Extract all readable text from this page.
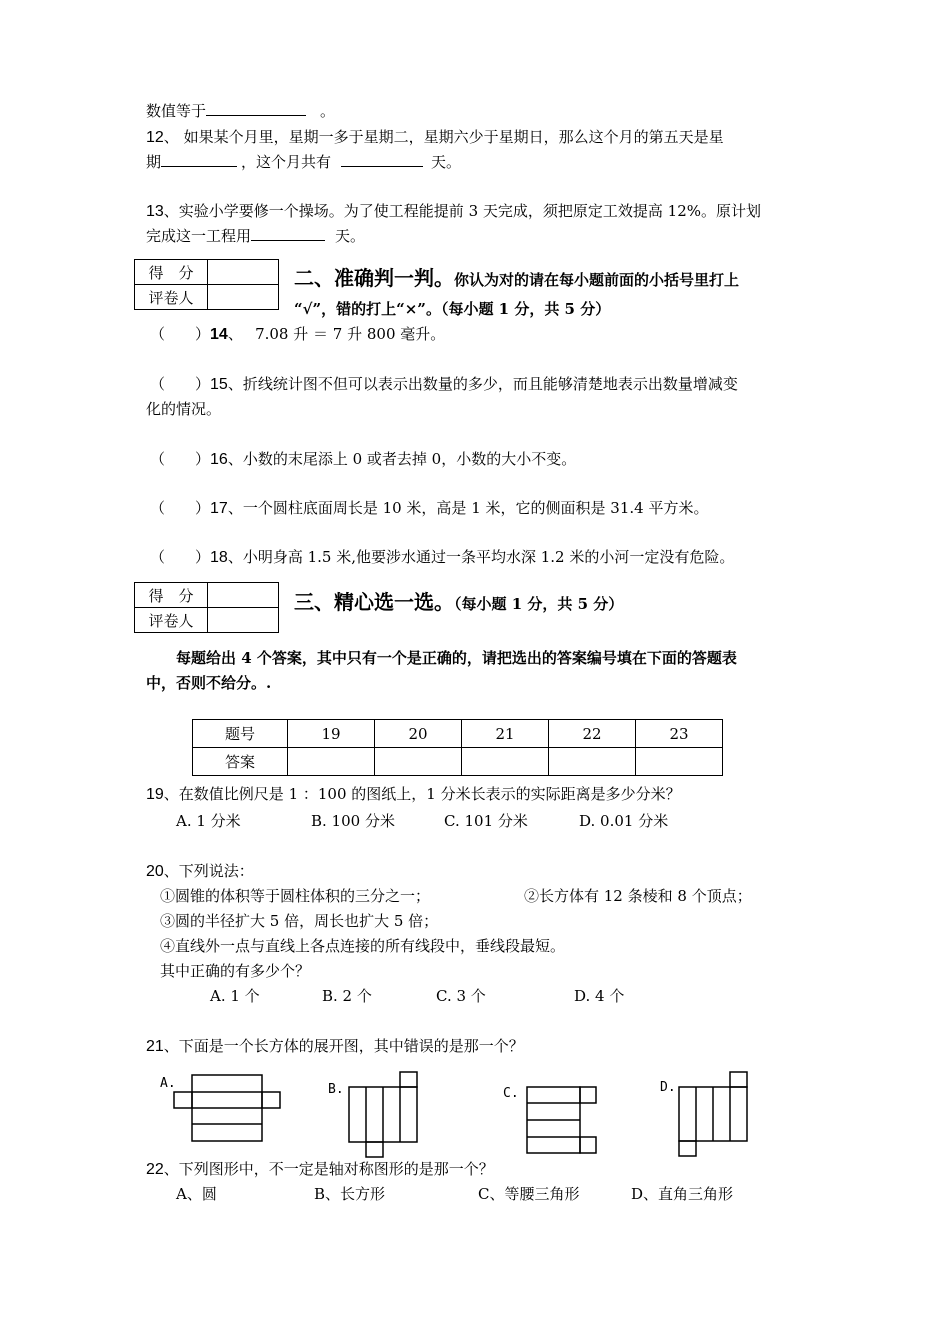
数值等于	。
12、 如果某个月里，星期一多于星期二，星期六少于星期日，那么这个月的第五天是星
期	，这个月共有	天。
13、实验小学要修一个操场。为了使工程能提前 3 天完成，须把原定工效提高 12%。原计划
完成这一工程用	天。
得　分	
评卷人	
二、准确判一判。你认为对的请在每小题前面的小括号里打上
“√”，错的打上“×”。（每小题 1 分，共 5 分）
（　　）14、　 7.08 升 ＝ 7 升 800 毫升。
（　　）15、折线统计图不但可以表示出数量的多少，而且能够清楚地表示出数量增减变
化的情况。
（　　）16、小数的末尾添上 0 或者去掉 0，小数的大小不变。
（　　）17、一个圆柱底面周长是 10 米，高是 1 米，它的侧面积是 31.4 平方米。
（　　）18、小明身高 1.5 米,他要涉水通过一条平均水深 1.2 米的小河一定没有危险。
得　分	
评卷人	
三、精心选一选。（每小题 1 分，共 5 分）
每题给出 4 个答案，其中只有一个是正确的，请把选出的答案编号填在下面的答题表
中，否则不给分。.
题号	19	20	21	22	23
答案					
19、在数值比例尺是 1 ：100 的图纸上，1 分米长表示的实际距离是多少分米？
A. 1 分米	B. 100 分米	C. 101 分米	D. 0.01 分米
20、下列说法：
①圆锥的体积等于圆柱体积的三分之一；	②长方体有 12 条棱和 8 个顶点；
③圆的半径扩大 5 倍，周长也扩大 5 倍；
④直线外一点与直线上各点连接的所有线段中，垂线段最短。
其中正确的有多少个？
A. 1 个	B. 2 个	C. 3 个	D. 4 个
21、下面是一个长方体的展开图，其中错误的是那一个？
A.	B.	C.	D.
22、下列图形中，不一定是轴对称图形的是那一个？
A、圆	B、长方形	C、等腰三角形	D、直角三角形
